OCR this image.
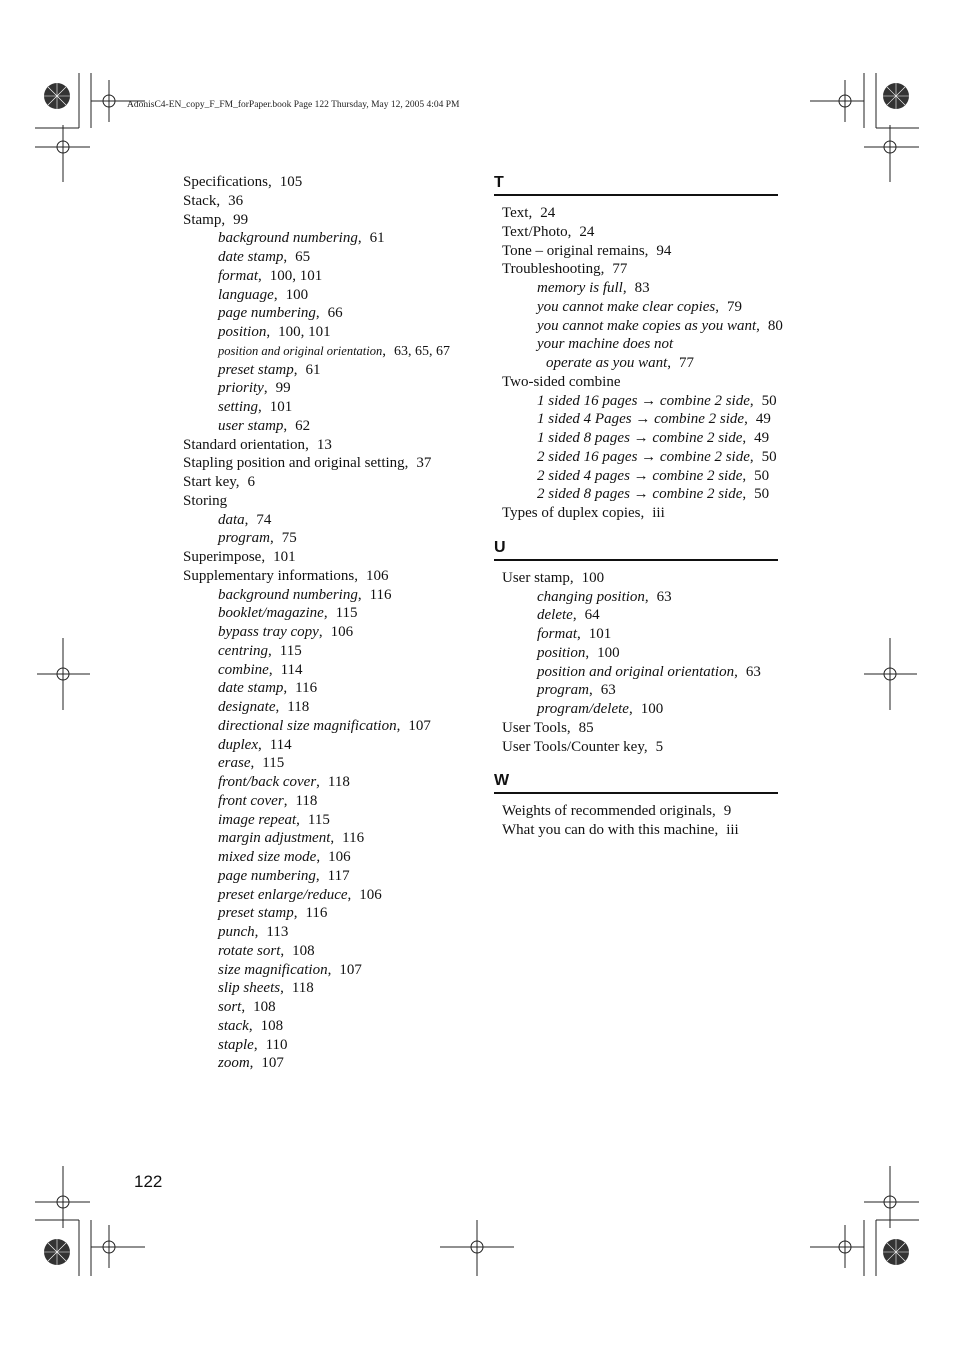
AdonisC4-EN_copy_F_FM_forPaper.book Page 122 Thursday, May 12, 2005 4:04 PM
Specifications, 105
Stack, 36
Stamp, 99
background numbering, 61
date stamp, 65
format, 100, 101
language, 100
page numbering, 66
position, 100, 101
position and original orientation, 63, 65, 67
preset stamp, 61
priority, 99
setting, 101
user stamp, 62
Standard orientation, 13
Stapling position and original setting, 37
Start key, 6
Storing
data, 74
program, 75
Superimpose, 101
Supplementary informations, 106
background numbering, 116
booklet/magazine, 115
bypass tray copy, 106
centring, 115
combine, 114
date stamp, 116
designate, 118
directional size magnification, 107
duplex, 114
erase, 115
front/back cover, 118
front cover, 118
image repeat, 115
margin adjustment, 116
mixed size mode, 106
page numbering, 117
preset enlarge/reduce, 106
preset stamp, 116
punch, 113
rotate sort, 108
size magnification, 107
slip sheets, 118
sort, 108
stack, 108
staple, 110
zoom, 107
T
Text, 24
Text/Photo, 24
Tone – original remains, 94
Troubleshooting, 77
memory is full, 83
you cannot make clear copies, 79
you cannot make copies as you want, 80
your machine does not
operate as you want, 77
Two-sided combine
1 sided 16 pages → combine 2 side, 50
1 sided 4 Pages → combine 2 side, 49
1 sided 8 pages → combine 2 side, 49
2 sided 16 pages → combine 2 side, 50
2 sided 4 pages → combine 2 side, 50
2 sided 8 pages → combine 2 side, 50
Types of duplex copies, iii
U
User stamp, 100
changing position, 63
delete, 64
format, 101
position, 100
position and original orientation, 63
program, 63
program/delete, 100
User Tools, 85
User Tools/Counter key, 5
W
Weights of recommended originals, 9
What you can do with this machine, iii
122
